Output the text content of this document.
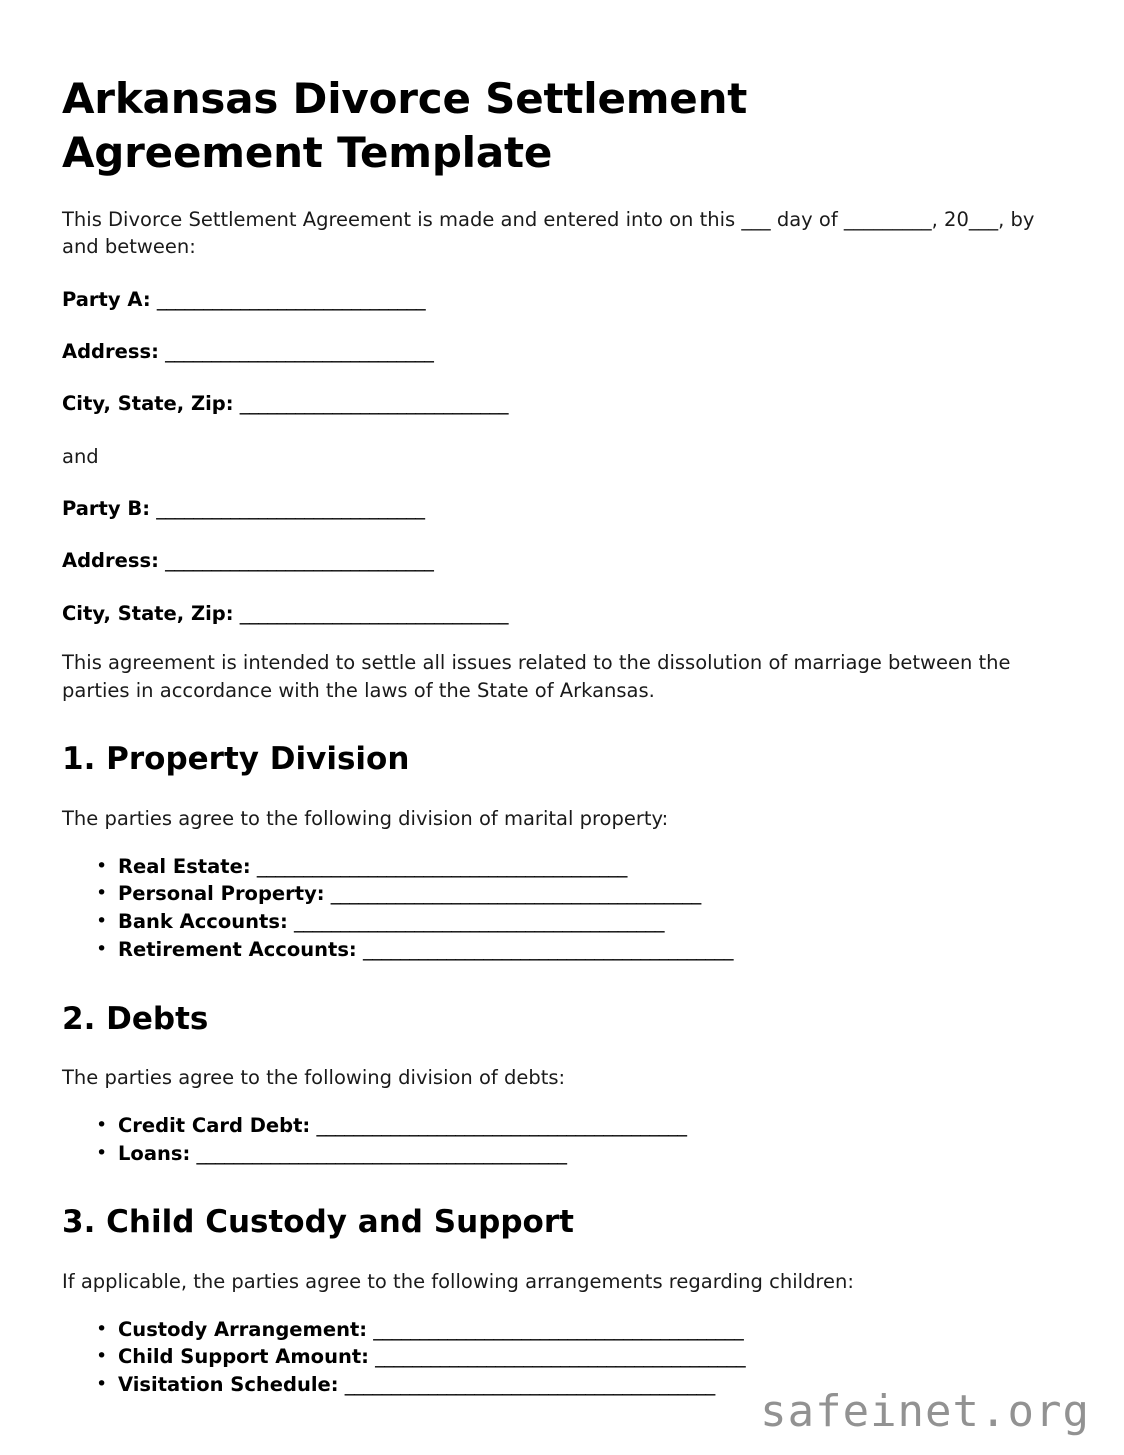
Arkansas Divorce Settlement Agreement Template

This Divorce Settlement Agreement is made and entered into on this ___ day of _________, 20___, by and between:

Party A: _____________________________
Address: _____________________________
City, State, Zip: _____________________________
and
Party B: _____________________________
Address: _____________________________
City, State, Zip: _____________________________

This agreement is intended to settle all issues related to the dissolution of marriage between the parties in accordance with the laws of the State of Arkansas.

1. Property Division

The parties agree to the following division of marital property:

• Real Estate: ________________________________________
• Personal Property: ________________________________________
• Bank Accounts: ________________________________________
• Retirement Accounts: ________________________________________
2. Debts

The parties agree to the following division of debts:

• Credit Card Debt: ________________________________________
• Loans: ________________________________________
3. Child Custody and Support

If applicable, the parties agree to the following arrangements regarding children:

• Custody Arrangement: ________________________________________
• Child Support Amount: ________________________________________
• Visitation Schedule: ________________________________________
safeinet.org
